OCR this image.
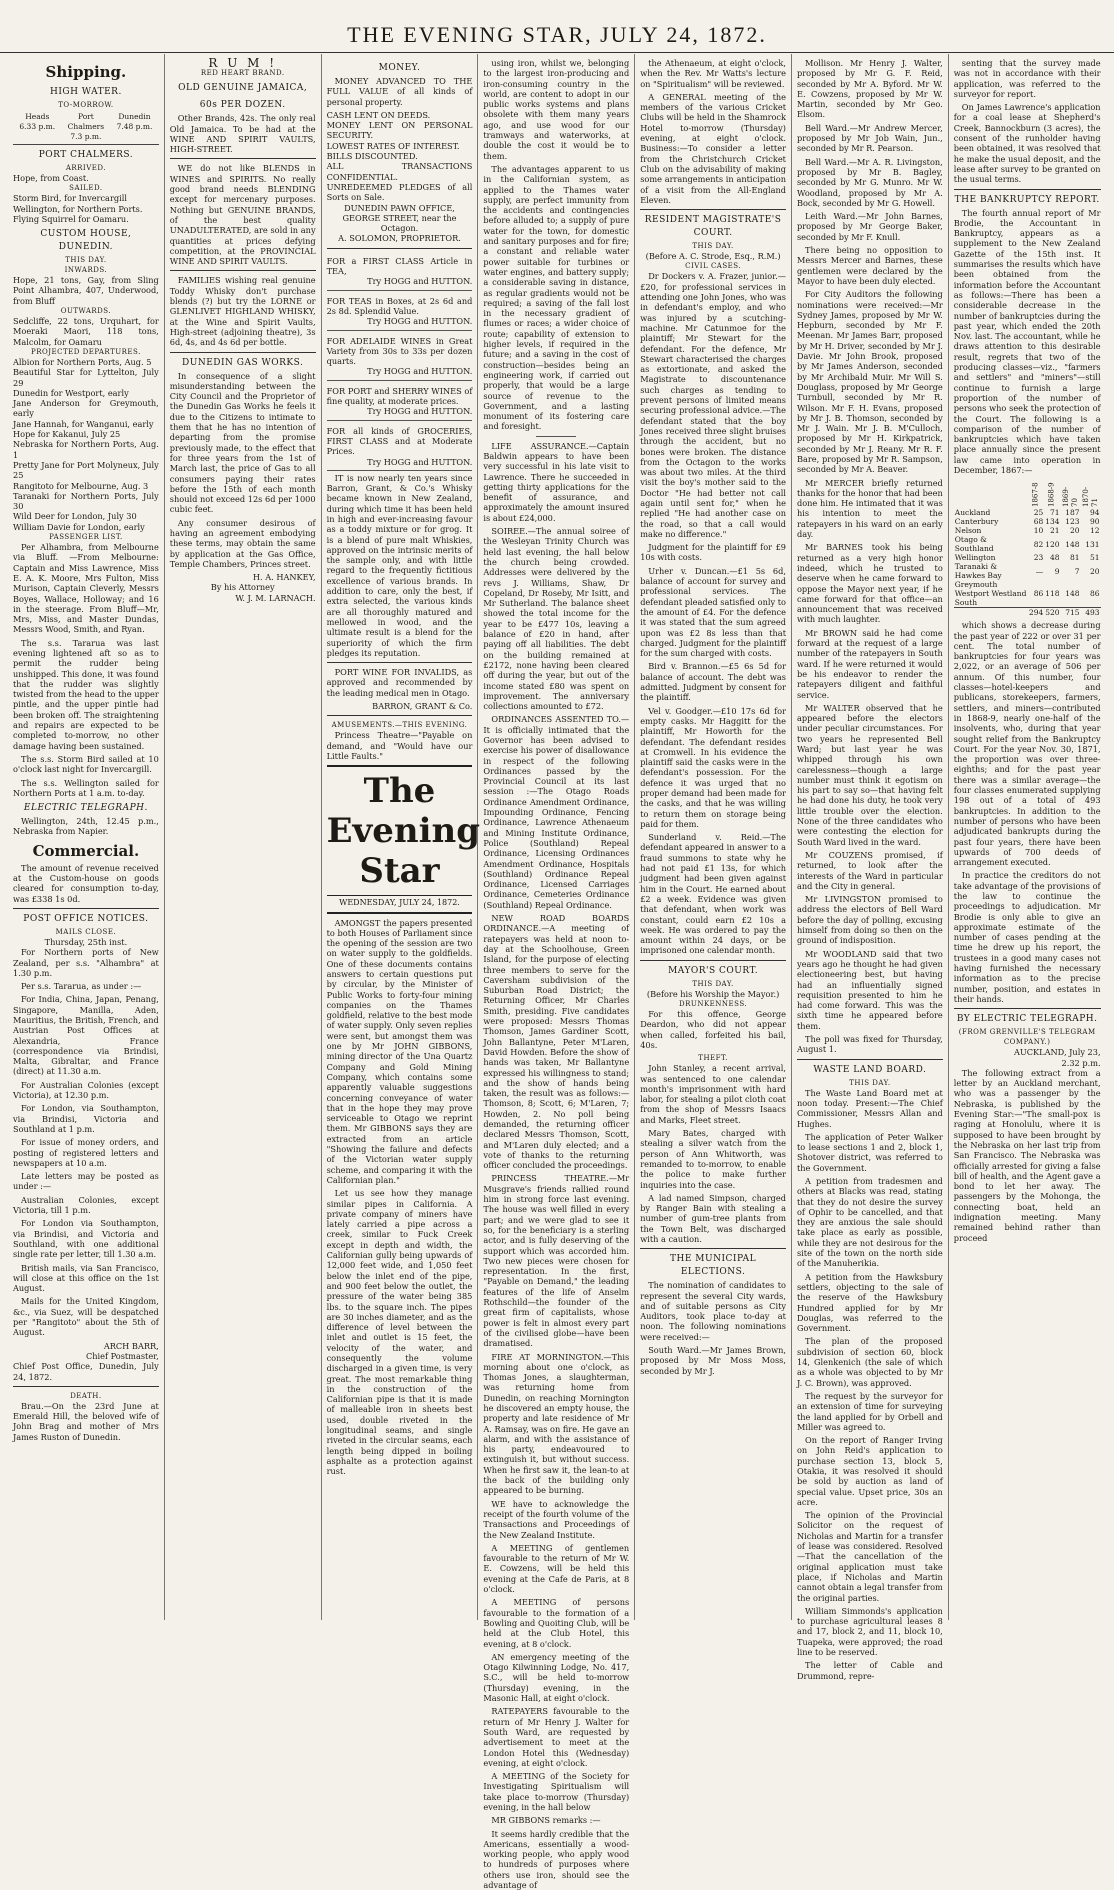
THE EVENING STAR, JULY 24, 1872.
Shipping.
HIGH WATER.
TO-MORROW.
Heads
6.33 p.m.
Port Chalmers
7.3 p.m.
Dunedin
7.48 p.m.
PORT CHALMERS.
ARRIVED.

Hope, from Coast.

SAILED.

Storm Bird, for Invercargill

Wellington, for Northern Ports.

Flying Squirrel for Oamaru.

CUSTOM HOUSE, DUNEDIN.
THIS DAY.
INWARDS.

Hope, 21 tons, Gay, from Sling Point Alhambra, 407, Underwood, from Bluff

OUTWARDS.

Sedcliffe, 22 tons, Urquhart, for Moeraki Maori, 118 tons, Malcolm, for Oamaru

PROJECTED DEPARTURES.

Albion for Northern Ports, Aug. 5

Beautiful Star for Lyttelton, July 29

Dunedin for Westport, early

Jane Anderson for Greymouth, early

Jane Hannah, for Wanganui, early

Hope for Kakanui, July 25

Nebraska for Northern Ports, Aug. 1

Pretty Jane for Port Molyneux, July 25

Rangitoto for Melbourne, Aug. 3

Taranaki for Northern Ports, July 30

Wild Deer for London, July 30

William Davie for London, early

PASSENGER LIST.

Per Alhambra, from Melbourne via Bluff. —From Melbourne: Captain and Miss Lawrence, Miss E. A. K. Moore, Mrs Fulton, Miss Murison, Captain Cleverly, Messrs Boyes, Wallace, Holloway; and 16 in the steerage. From Bluff—Mr, Mrs, Miss, and Master Dundas, Messrs Wood, Smith, and Ryan.

The s.s. Tararua was last evening lightened aft so as to permit the rudder being unshipped. This done, it was found that the rudder was slightly twisted from the head to the upper pintle, and the upper pintle had been broken off. The straightening and repairs are expected to be completed to-morrow, no other damage having been sustained.

The s.s. Storm Bird sailed at 10 o'clock last night for Invercargill.

The s.s. Wellington sailed for Northern Ports at 1 a.m. to-day.

ELECTRIC TELEGRAPH.

Wellington, 24th, 12.45 p.m., Nebraska from Napier.

Commercial.

The amount of revenue received at the Custom-house on goods cleared for consumption to-day, was £338 1s 0d.

POST OFFICE NOTICES.
MAILS CLOSE.
Thursday, 25th inst.

For Northern ports of New Zealand, per s.s. "Alhambra" at 1.30 p.m.

Per s.s. Tararua, as under :—

For India, China, Japan, Penang, Singapore, Manilla, Aden, Mauritius, the British, French, and Austrian Post Offices at Alexandria, France (correspondence via Brindisi, Malta, Gibraltar, and France (direct) at 11.30 a.m.

For Australian Colonies (except Victoria), at 12.30 p.m.

For London, via Southampton, via Brindisi, Victoria and Southland at 1 p.m.

For issue of money orders, and posting of registered letters and newspapers at 10 a.m.

Late letters may be posted as under :—

Australian Colonies, except Victoria, till 1 p.m.

For London via Southampton, via Brindisi, and Victoria and Southland, with one additional single rate per letter, till 1.30 a.m.

British mails, via San Francisco, will close at this office on the 1st August.

Mails for the United Kingdom, &c., via Suez, will be despatched per "Rangitoto" about the 5th of August.

ARCH BARR,
Chief Postmaster,

Chief Post Office, Dunedin, July 24, 1872.

DEATH.

Brau.—On the 23rd June at Emerald Hill, the beloved wife of John Brag and mother of Mrs James Ruston of Dunedin.

R U M !
RED HEART BRAND.
OLD GENUINE JAMAICA,
60s PER DOZEN.

Other Brands, 42s. The only real Old Jamaica. To be had at the WINE AND SPIRIT VAULTS, HIGH-STREET.

WE do not like BLENDS in WINES and SPIRITS. No really good brand needs BLENDING except for mercenary purposes. Nothing but GENUINE BRANDS, of the best quality UNADULTERATED, are sold in any quantities at prices defying competition, at the PROVINCIAL WINE AND SPIRIT VAULTS.

FAMILIES wishing real genuine Toddy Whisky don't purchase blends (?) but try the LORNE or GLENLIVET HIGHLAND WHISKY, at the Wine and Spirit Vaults, High-street (adjoining theatre), 3s 6d, 4s, and 4s 6d per bottle.

DUNEDIN GAS WORKS.

In consequence of a slight misunderstanding between the City Council and the Proprietor of the Dunedin Gas Works he feels it due to the Citizens to intimate to them that he has no intention of departing from the promise previously made, to the effect that for three years from the 1st of March last, the price of Gas to all consumers paying their rates before the 15th of each month should not exceed 12s 6d per 1000 cubic feet.

Any consumer desirous of having an agreement embodying these terms, may obtain the same by application at the Gas Office, Temple Chambers, Princes street.

H. A. HANKEY,
By his Attorney
W. J. M. LARNACH.
MONEY.

MONEY ADVANCED TO THE FULL VALUE of all kinds of personal property.

CASH LENT ON DEEDS.

MONEY LENT ON PERSONAL SECURITY.

LOWEST RATES OF INTEREST.

BILLS DISCOUNTED.

ALL TRANSACTIONS CONFIDENTIAL.

UNREDEEMED PLEDGES of all Sorts on Sale.

DUNEDIN PAWN OFFICE, GEORGE STREET, near the Octagon.
A. SOLOMON, PROPRIETOR.

FOR a FIRST CLASS Article in TEA,

Try HOGG and HUTTON.

FOR TEAS in Boxes, at 2s 6d and 2s 8d. Splendid Value.

Try HOGG and HUTTON.

FOR ADELAIDE WINES in Great Variety from 30s to 33s per dozen quarts.

Try HOGG and HUTTON.

FOR PORT and SHERRY WINES of fine quality, at moderate prices.

Try HOGG and HUTTON.

FOR all kinds of GROCERIES, FIRST CLASS and at Moderate Prices.

Try HOGG and HUTTON.

IT is now nearly ten years since Barron, Grant, & Co.'s Whisky became known in New Zealand, during which time it has been held in high and ever-increasing favour as a toddy mixture or for grog. It is a blend of pure malt Whiskies, approved on the intrinsic merits of the sample only, and with little regard to the frequently fictitious excellence of various brands. In addition to care, only the best, if extra selected, the various kinds are all thoroughly matured and mellowed in wood, and the ultimate result is a blend for the superiority of which the firm pledges its reputation.

PORT WINE FOR INVALIDS, as approved and recommended by the leading medical men in Otago.

BARRON, GRANT & Co.
AMUSEMENTS.—THIS EVENING.

Princess Theatre—"Payable on demand, and "Would have our Little Faults."

The Evening Star
WEDNESDAY, JULY 24, 1872.

AMONGST the papers presented to both Houses of Parliament since the opening of the session are two on water supply to the goldfields. One of these documents contains answers to certain questions put by circular, by the Minister of Public Works to forty-four mining companies on the Thames goldfield, relative to the best mode of water supply. Only seven replies were sent, but amongst them was one by Mr JOHN GIBBONS, mining director of the Una Quartz Company and Gold Mining Company, which contains some apparently valuable suggestions concerning conveyance of water that in the hope they may prove serviceable to Otago we reprint them. Mr GIBBONS says they are extracted from an article "Showing the failure and defects of the Victorian water supply scheme, and comparing it with the Californian plan."

Let us see how they manage similar pipes in California. A private company of miners have lately carried a pipe across a creek, similar to Fuck Creek except in depth and width, the Californian gully being upwards of 12,000 feet wide, and 1,050 feet below the inlet end of the pipe, and 900 feet below the outlet, the pressure of the water being 385 lbs. to the square inch. The pipes are 30 inches diameter, and as the difference of level between the inlet and outlet is 15 feet, the velocity of the water, and consequently the volume discharged in a given time, is very great. The most remarkable thing in the construction of the Californian pipe is that it is made of malleable iron in sheets best used, double riveted in the longitudinal seams, and single riveted in the circular seams, each length being dipped in boiling asphalte as a protection against rust.

using iron, whilst we, belonging to the largest iron-producing and iron-consuming country in the world, are content to adopt in our public works systems and plans obsolete with them many years ago, and use wood for our tramways and waterworks, at double the cost it would be to them.

The advantages apparent to us in the Californian system, as applied to the Thames water supply, are perfect immunity from the accidents and contingencies before alluded to; a supply of pure water for the town, for domestic and sanitary purposes and for fire; a constant and reliable water power suitable for turbines or water engines, and battery supply; a considerable saving in distance, as regular gradients would not be required; a saving of the fall lost in the necessary gradient of flumes or races; a wider choice of route; capability of extension to higher levels, if required in the future; and a saving in the cost of construction—besides being an engineering work, if carried out properly, that would be a large source of revenue to the Government, and a lasting monument of its fostering care and foresight.

LIFE ASSURANCE.—Captain Baldwin appears to have been very successful in his late visit to Lawrence. There he succeeded in getting thirty applications for the benefit of assurance, and approximately the amount insured is about £24,000.

SOIREE.—The annual soiree of the Wesleyan Trinity Church was held last evening, the hall below the church being crowded. Addresses were delivered by the revs J. Williams, Shaw, Dr Copeland, Dr Roseby, Mr Isitt, and Mr Sutherland. The balance sheet showed the total income for the year to be £477 10s, leaving a balance of £20 in hand, after paying off all liabilities. The debt on the building remained at £2172, none having been cleared off during the year, but out of the income stated £80 was spent on improvement. The anniversary collections amounted to £72.

ORDINANCES ASSENTED TO.—It is officially intimated that the Governor has been advised to exercise his power of disallowance in respect of the following Ordinances passed by the Provincial Council at its last session :—The Otago Roads Ordinance Amendment Ordinance, Impounding Ordinance, Fencing Ordinance, Lawrence Athenaeum and Mining Institute Ordinance, Police (Southland) Repeal Ordinance, Licensing Ordinances Amendment Ordinance, Hospitals (Southland) Ordinance Repeal Ordinance, Licensed Carriages Ordinance, Cemeteries Ordinance (Southland) Repeal Ordinance.

NEW ROAD BOARDS ORDINANCE.—A meeting of ratepayers was held at noon to-day at the Schoolhouse, Green Island, for the purpose of electing three members to serve for the Caversham subdivision of the Suburban Road District; the Returning Officer, Mr Charles Smith, presiding. Five candidates were proposed: Messrs Thomas Thomson, James Gardiner Scott, John Ballantyne, Peter M'Laren, David Howden. Before the show of hands was taken, Mr Ballantyne expressed his willingness to stand; and the show of hands being taken, the result was as follows:—Thomson, 8; Scott, 6; M'Laren, 7; Howden, 2. No poll being demanded, the returning officer declared Messrs Thomson, Scott, and M'Laren duly elected; and a vote of thanks to the returning officer concluded the proceedings.

PRINCESS THEATRE.—Mr Musgrave's friends rallied round him in strong force last evening. The house was well filled in every part; and we were glad to see it so, for the beneficiary is a sterling actor, and is fully deserving of the support which was accorded him. Two new pieces were chosen for representation. In the first, "Payable on Demand," the leading features of the life of Anselm Rothschild—the founder of the great firm of capitalists, whose power is felt in almost every part of the civilised globe—have been dramatised.

FIRE AT MORNINGTON.—This morning about one o'clock, as Thomas Jones, a slaughterman, was returning home from Dunedin, on reaching Mornington he discovered an empty house, the property and late residence of Mr A. Ramsay, was on fire. He gave an alarm, and with the assistance of his party, endeavoured to extinguish it, but without success. When he first saw it, the lean-to at the back of the building only appeared to be burning.

WE have to acknowledge the receipt of the fourth volume of the Transactions and Proceedings of the New Zealand Institute.

A MEETING of gentlemen favourable to the return of Mr W. E. Cowzens, will be held this evening at the Cafe de Paris, at 8 o'clock.

A MEETING of persons favourable to the formation of a Bowling and Quoiting Club, will be held at the Club Hotel, this evening, at 8 o'clock.

AN emergency meeting of the Otago Kilwinning Lodge, No. 417, S.C., will be held to-morrow (Thursday) evening, in the Masonic Hall, at eight o'clock.

RATEPAYERS favourable to the return of Mr Henry J. Walter for South Ward, are requested by advertisement to meet at the London Hotel this (Wednesday) evening, at eight o'clock.

A MEETING of the Society for Investigating Spiritualism will take place to-morrow (Thursday) evening, in the hall below

MR GIBBONS remarks :—

It seems hardly credible that the Americans, essentially a wood-working people, who apply wood to hundreds of purposes where others use iron, should see the advantage of

the Athenaeum, at eight o'clock, when the Rev. Mr Watts's lecture on "Spiritualism" will be reviewed.

A GENERAL meeting of the members of the various Cricket Clubs will be held in the Shamrock Hotel to-morrow (Thursday) evening, at eight o'clock. Business:—To consider a letter from the Christchurch Cricket Club on the advisability of making some arrangements in anticipation of a visit from the All-England Eleven.

RESIDENT MAGISTRATE'S COURT.
THIS DAY.
(Before A. C. Strode, Esq., R.M.)
CIVIL CASES.

Dr Dockers v. A. Frazer, junior.—£20, for professional services in attending one John Jones, who was in defendant's employ, and who was injured by a scutching-machine. Mr Catunmoe for the plaintiff; Mr Stewart for the defendant. For the defence, Mr Stewart characterised the charges as extortionate, and asked the Magistrate to discountenance such charges as tending to prevent persons of limited means securing professional advice.—The defendant stated that the boy Jones received three slight bruises through the accident, but no bones were broken. The distance from the Octagon to the works was about two miles. At the third visit the boy's mother said to the Doctor "He had better not call again until sent for," when he replied "He had another case on the road, so that a call would make no difference."

Judgment for the plaintiff for £9 10s with costs.

Urher v. Duncan.—£1 5s 6d, balance of account for survey and professional services. The defendant pleaded satisfied only to the amount of £4. For the defence it was stated that the sum agreed upon was £2 8s less than that charged. Judgment for the plaintiff for the sum charged with costs.

Bird v. Brannon.—£5 6s 5d for balance of account. The debt was admitted. Judgment by consent for the plaintiff.

Vel v. Goodger.—£10 17s 6d for empty casks. Mr Haggitt for the plaintiff, Mr Howorth for the defendant. The defendant resides at Cromwell. In his evidence the plaintiff said the casks were in the defendant's possession. For the defence it was urged that no proper demand had been made for the casks, and that he was willing to return them on storage being paid for them.

Sunderland v. Reid.—The defendant appeared in answer to a fraud summons to state why he had not paid £1 13s, for which judgment had been given against him in the Court. He earned about £2 a week. Evidence was given that defendant, when work was constant, could earn £2 10s a week. He was ordered to pay the amount within 24 days, or be imprisoned one calendar month.

MAYOR'S COURT.
THIS DAY.
(Before his Worship the Mayor.)
DRUNKENNESS.

For this offence, George Deardon, who did not appear when called, forfeited his bail, 40s.

THEFT.

John Stanley, a recent arrival, was sentenced to one calendar month's imprisonment with hard labor, for stealing a pilot cloth coat from the shop of Messrs Isaacs and Marks, Fleet street.

Mary Bates, charged with stealing a silver watch from the person of Ann Whitworth, was remanded to to-morrow, to enable the police to make further inquiries into the case.

A lad named Simpson, charged by Ranger Bain with stealing a number of gum-tree plants from the Town Belt, was discharged with a caution.

THE MUNICIPAL ELECTIONS.

The nomination of candidates to represent the several City wards, and of suitable persons as City Auditors, took place to-day at noon. The following nominations were received:—

South Ward.—Mr James Brown, proposed by Mr Moss Moss, seconded by Mr J.

Mollison. Mr Henry J. Walter, proposed by Mr G. F. Reid, seconded by Mr A. Byford. Mr W. E. Cowzens, proposed by Mr W. Martin, seconded by Mr Geo. Elsom.

Bell Ward.—Mr Andrew Mercer, proposed by Mr Job Wain, Jun., seconded by Mr R. Pearson.

Bell Ward.—Mr A. R. Livingston, proposed by Mr B. Bagley, seconded by Mr G. Munro. Mr W. Woodland, proposed by Mr A. Bock, seconded by Mr G. Howell.

Leith Ward.—Mr John Barnes, proposed by Mr George Baker, seconded by Mr F. Knull.

There being no opposition to Messrs Mercer and Barnes, these gentlemen were declared by the Mayor to have been duly elected.

For City Auditors the following nominations were received:—Mr Sydney James, proposed by Mr W. Hepburn, seconded by Mr F. Meenan. Mr James Barr, proposed by Mr H. Driver, seconded by Mr J. Davie. Mr John Brook, proposed by Mr James Anderson, seconded by Mr Archibald Muir. Mr Will S. Douglass, proposed by Mr George Turnbull, seconded by Mr R. Wilson. Mr F. H. Evans, proposed by Mr J. B. Thomson, seconded by Mr J. Wain. Mr J. B. M'Culloch, proposed by Mr H. Kirkpatrick, seconded by Mr J. Reany. Mr R. F. Bare, proposed by Mr R. Sampson, seconded by Mr A. Beaver.

Mr MERCER briefly returned thanks for the honor that had been done him. He intimated that it was his intention to meet the ratepayers in his ward on an early day.

Mr BARNES took his being returned as a very high honor indeed, which he trusted to deserve when he came forward to oppose the Mayor next year, if he came forward for that office—an announcement that was received with much laughter.

Mr BROWN said he had come forward at the request of a large number of the ratepayers in South ward. If he were returned it would be his endeavor to render the ratepayers diligent and faithful service.

Mr WALTER observed that he appeared before the electors under peculiar circumstances. For two years he represented Bell Ward; but last year he was whipped through his own carelessness—though a large number must think it egotism on his part to say so—that having felt he had done his duty, he took very little trouble over the election. None of the three candidates who were contesting the election for South Ward lived in the ward.

Mr COUZENS promised, if returned, to look after the interests of the Ward in particular and the City in general.

Mr LIVINGSTON promised to address the electors of Bell Ward before the day of polling, excusing himself from doing so then on the ground of indisposition.

Mr WOODLAND said that two years ago he thought he had given electioneering best, but having had an influentially signed requisition presented to him he had come forward. This was the sixth time he appeared before them.

The poll was fixed for Thursday, August 1.

WASTE LAND BOARD.
THIS DAY.

The Waste Land Board met at noon today. Present:—The Chief Commissioner, Messrs Allan and Hughes.

The application of Peter Walker to lease sections 1 and 2, block 1, Shotover district, was referred to the Government.

A petition from tradesmen and others at Blacks was read, stating that they do not desire the survey of Ophir to be cancelled, and that they are anxious the sale should take place as early as possible, while they are not desirous for the site of the town on the north side of the Manuherikia.

A petition from the Hawksbury settlers, objecting to the sale of the reserve of the Hawksbury Hundred applied for by Mr Douglas, was referred to the Government.

The plan of the proposed subdivision of section 60, block 14, Glenkenich (the sale of which as a whole was objected to by Mr J. C. Brown), was approved.

The request by the surveyor for an extension of time for surveying the land applied for by Orbell and Miller was agreed to.

On the report of Ranger Irving on John Reid's application to purchase section 13, block 5, Otakia, it was resolved it should be sold by auction as land of special value. Upset price, 30s an acre.

The opinion of the Provincial Solicitor on the request of Nicholas and Martin for a transfer of lease was considered. Resolved—That the cancellation of the original application must take place, if Nicholas and Martin cannot obtain a legal transfer from the original parties.

William Simmonds's application to purchase agricultural leases 8 and 17, block 2, and 11, block 10, Tuapeka, were approved; the road line to be reserved.

The letter of Cable and Drummond, repre-

senting that the survey made was not in accordance with their application, was referred to the surveyor for report.

On James Lawrence's application for a coal lease at Shepherd's Creek, Bannockburn (3 acres), the consent of the runholder having been obtained, it was resolved that he make the usual deposit, and the lease after survey to be granted on the usual terms.

THE BANKRUPTCY REPORT.

The fourth annual report of Mr Brodie, the Accountant in Bankruptcy, appears as a supplement to the New Zealand Gazette of the 15th inst. It summarises the results which have been obtained from the information before the Accountant as follows:—There has been a considerable decrease in the number of bankruptcies during the past year, which ended the 20th Nov. last. The accountant, while he draws attention to this desirable result, regrets that two of the producing classes—viz., "farmers and settlers" and "miners"—still continue to furnish a large proportion of the number of persons who seek the protection of the Court. The following is a comparison of the number of bankruptcies which have taken place annually since the present law came into operation in December, 1867:—

	1867-8	1868-9	1869-70	1870-71
Auckland	25	71	187	94
Canterbury	68	134	123	90
Nelson	10	21	20	12
Otago & Southland	82	120	148	131
Wellington	23	48	81	51
Taranaki & Hawkes Bay	—	9	7	20
Greymouth Westport Westland South	86	118	148	86
	294	520	715	493

which shows a decrease during the past year of 222 or over 31 per cent. The total number of bankruptcies for four years was 2,022, or an average of 506 per annum. Of this number, four classes—hotel-keepers and publicans, storekeepers, farmers, settlers, and miners—contributed in 1868-9, nearly one-half of the insolvents, who, during that year sought relief from the Bankruptcy Court. For the year Nov. 30, 1871, the proportion was over three-eighths; and for the past year there was a similar average—the four classes enumerated supplying 198 out of a total of 493 bankruptcies. In addition to the number of persons who have been adjudicated bankrupts during the past four years, there have been upwards of 700 deeds of arrangement executed.

In practice the creditors do not take advantage of the provisions of the law to continue the proceedings to adjudication. Mr Brodie is only able to give an approximate estimate of the number of cases pending at the time he drew up his report, the trustees in a good many cases not having furnished the necessary information as to the precise number, position, and estates in their hands.

BY ELECTRIC TELEGRAPH.
(FROM GRENVILLE'S TELEGRAM COMPANY.)
AUCKLAND, July 23,
2.32 p.m.

The following extract from a letter by an Auckland merchant, who was a passenger by the Nebraska, is published by the Evening Star:—"The small-pox is raging at Honolulu, where it is supposed to have been brought by the Nebraska on her last trip from San Francisco. The Nebraska was officially arrested for giving a false bill of health, and the Agent gave a bond to let her away. The passengers by the Mohonga, the connecting boat, held an indignation meeting. Many remained behind rather than proceed
